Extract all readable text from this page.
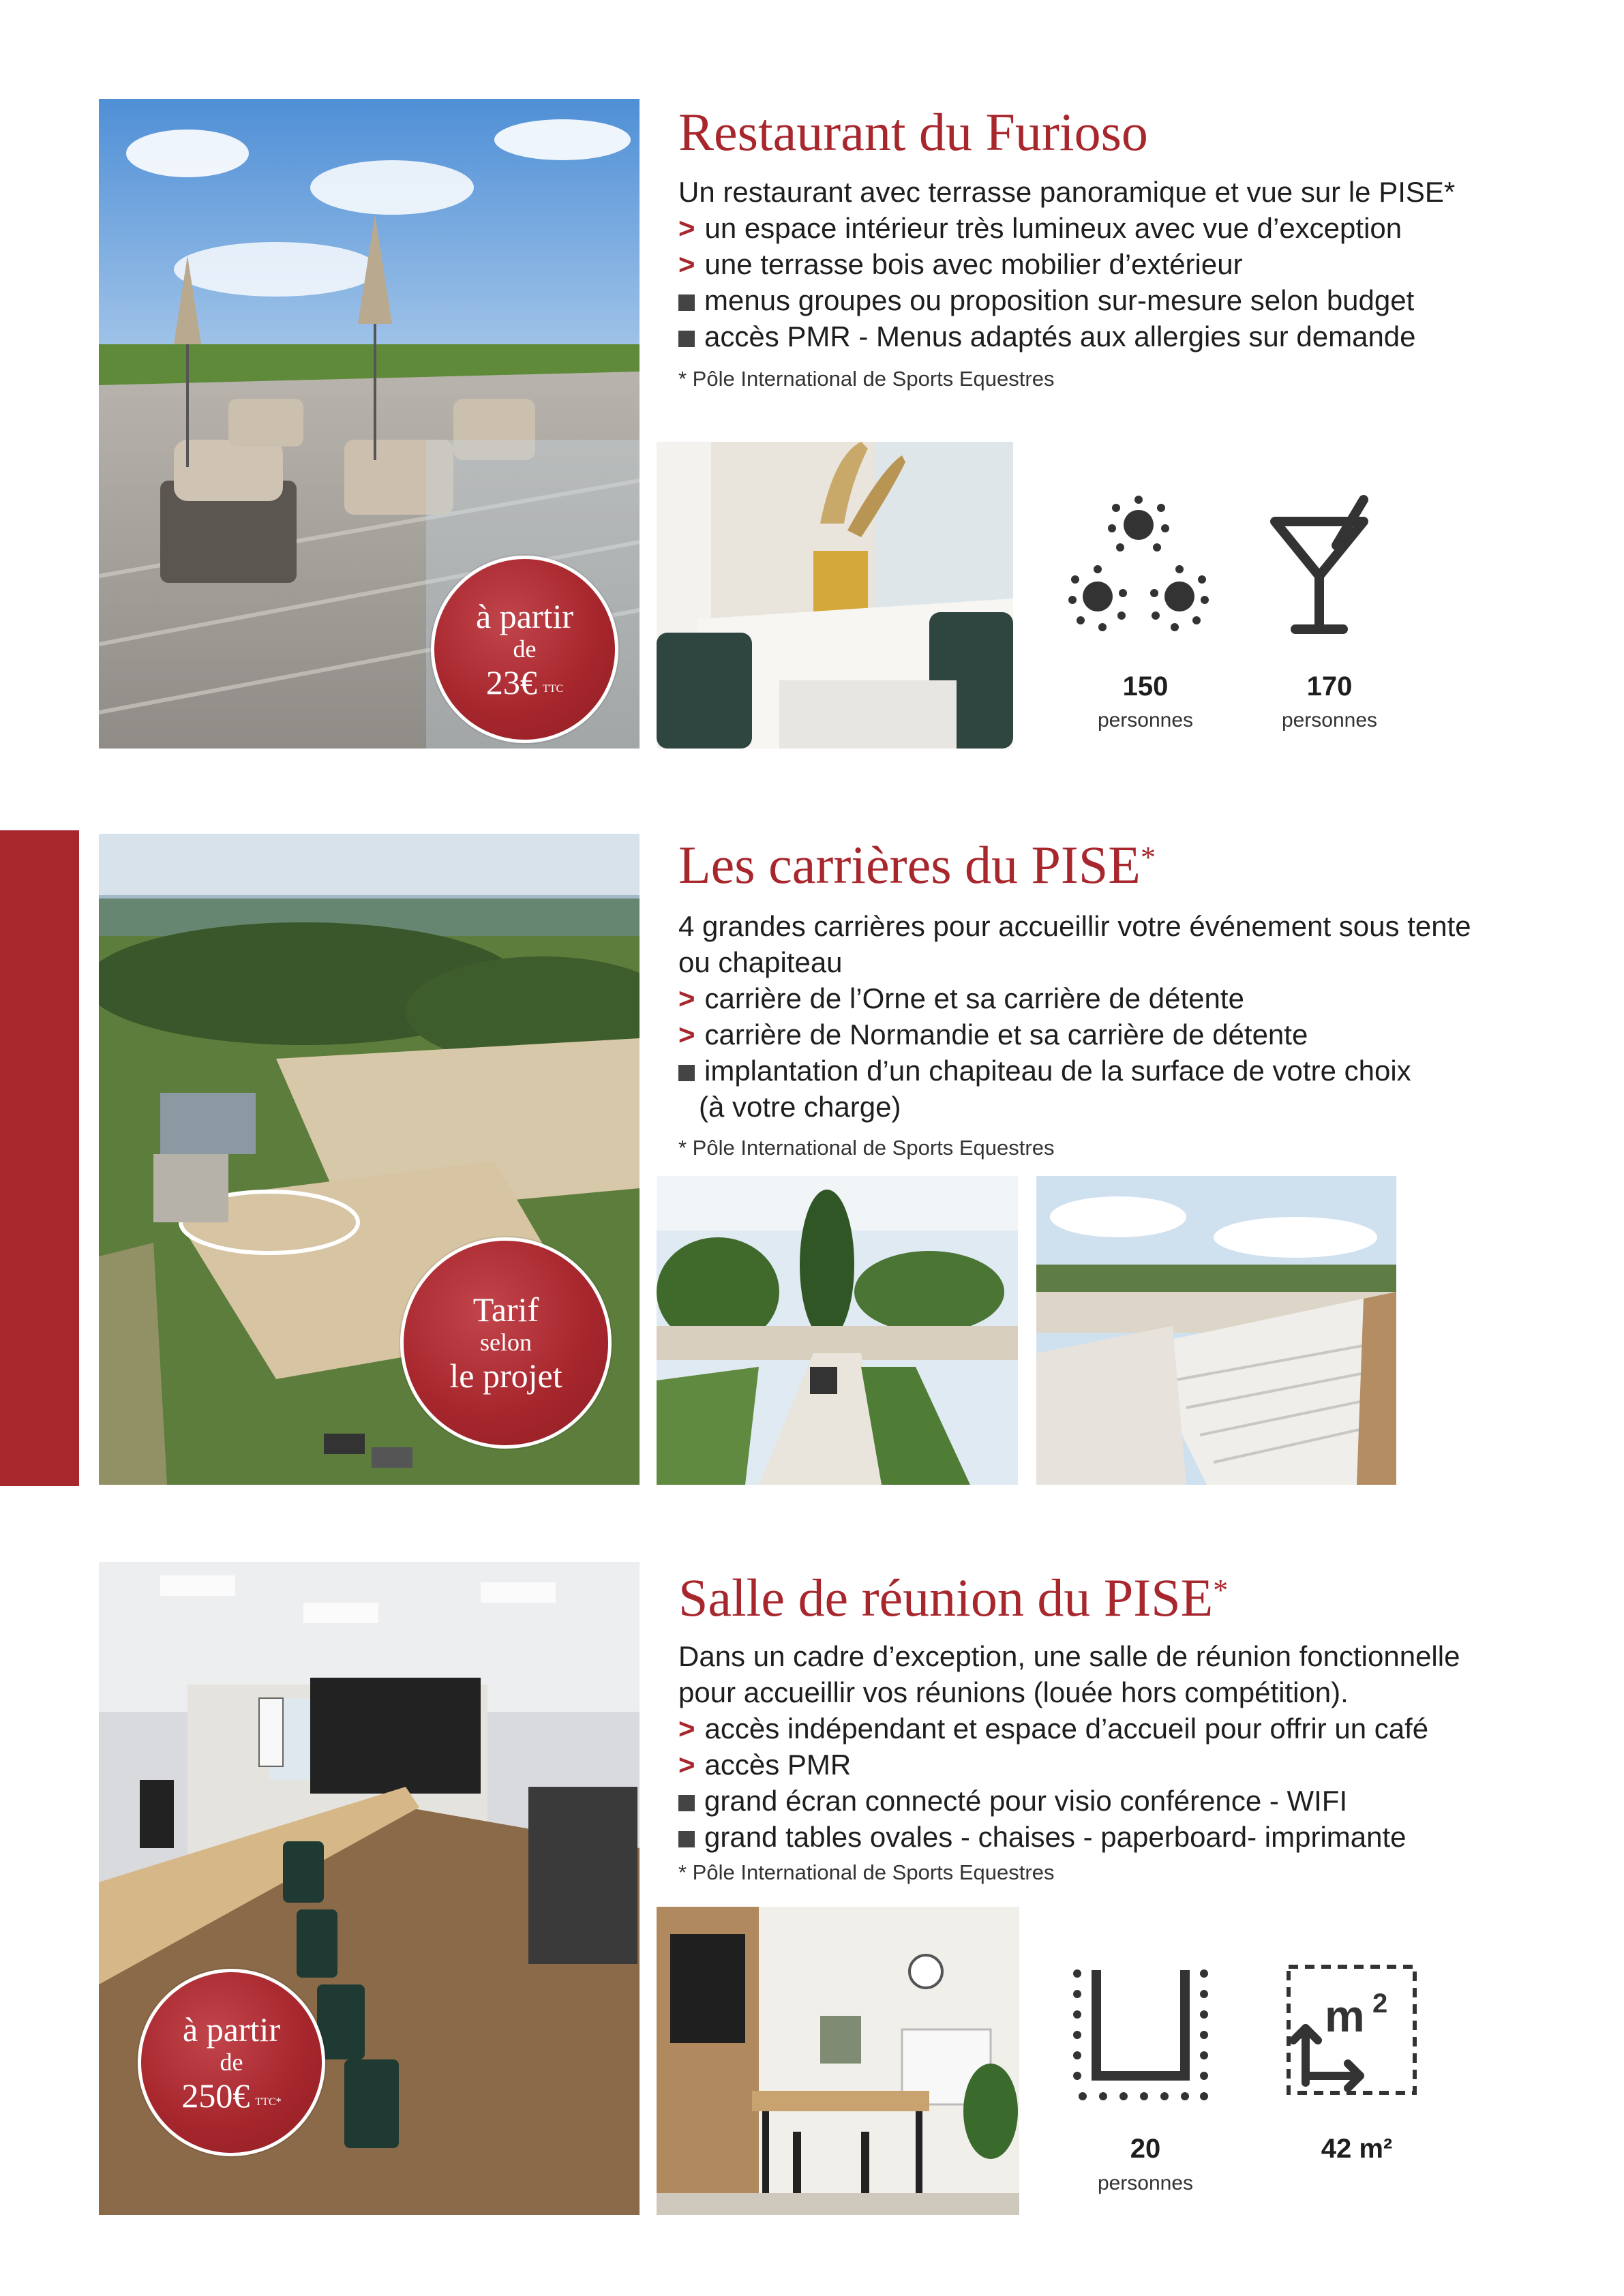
à partir
de
23€ $^{TTC}$
Restaurant du Furioso
Un restaurant avec terrasse panoramique et vue sur le PISE*
> un espace intérieur très lumineux avec vue d’exception
> une terrasse bois avec mobilier d’extérieur
menus groupes ou proposition sur-mesure selon budget
accès PMR - Menus adaptés aux allergies sur demande
* Pôle International de Sports Equestres
150
personnes
170
personnes
Tarif
selon
le projet
Les carrières du PISE*
4 grandes carrières pour accueillir votre événement sous tente
ou chapiteau
> carrière de l’Orne et sa carrière de détente
> carrière de Normandie et sa carrière de détente
implantation d’un chapiteau de la surface de votre choix
(à votre charge)
* Pôle International de Sports Equestres
à partir
de
250€ $^{TTC*}$
Salle de réunion du PISE*
Dans un cadre d’exception, une salle de réunion fonctionnelle
pour accueillir vos réunions (louée hors compétition).
> accès indépendant et espace d’accueil pour offrir un café
> accès PMR
grand écran connecté pour visio conférence - WIFI
grand tables ovales - chaises - paperboard- imprimante
* Pôle International de Sports Equestres
m 2
20
personnes
42 m²
